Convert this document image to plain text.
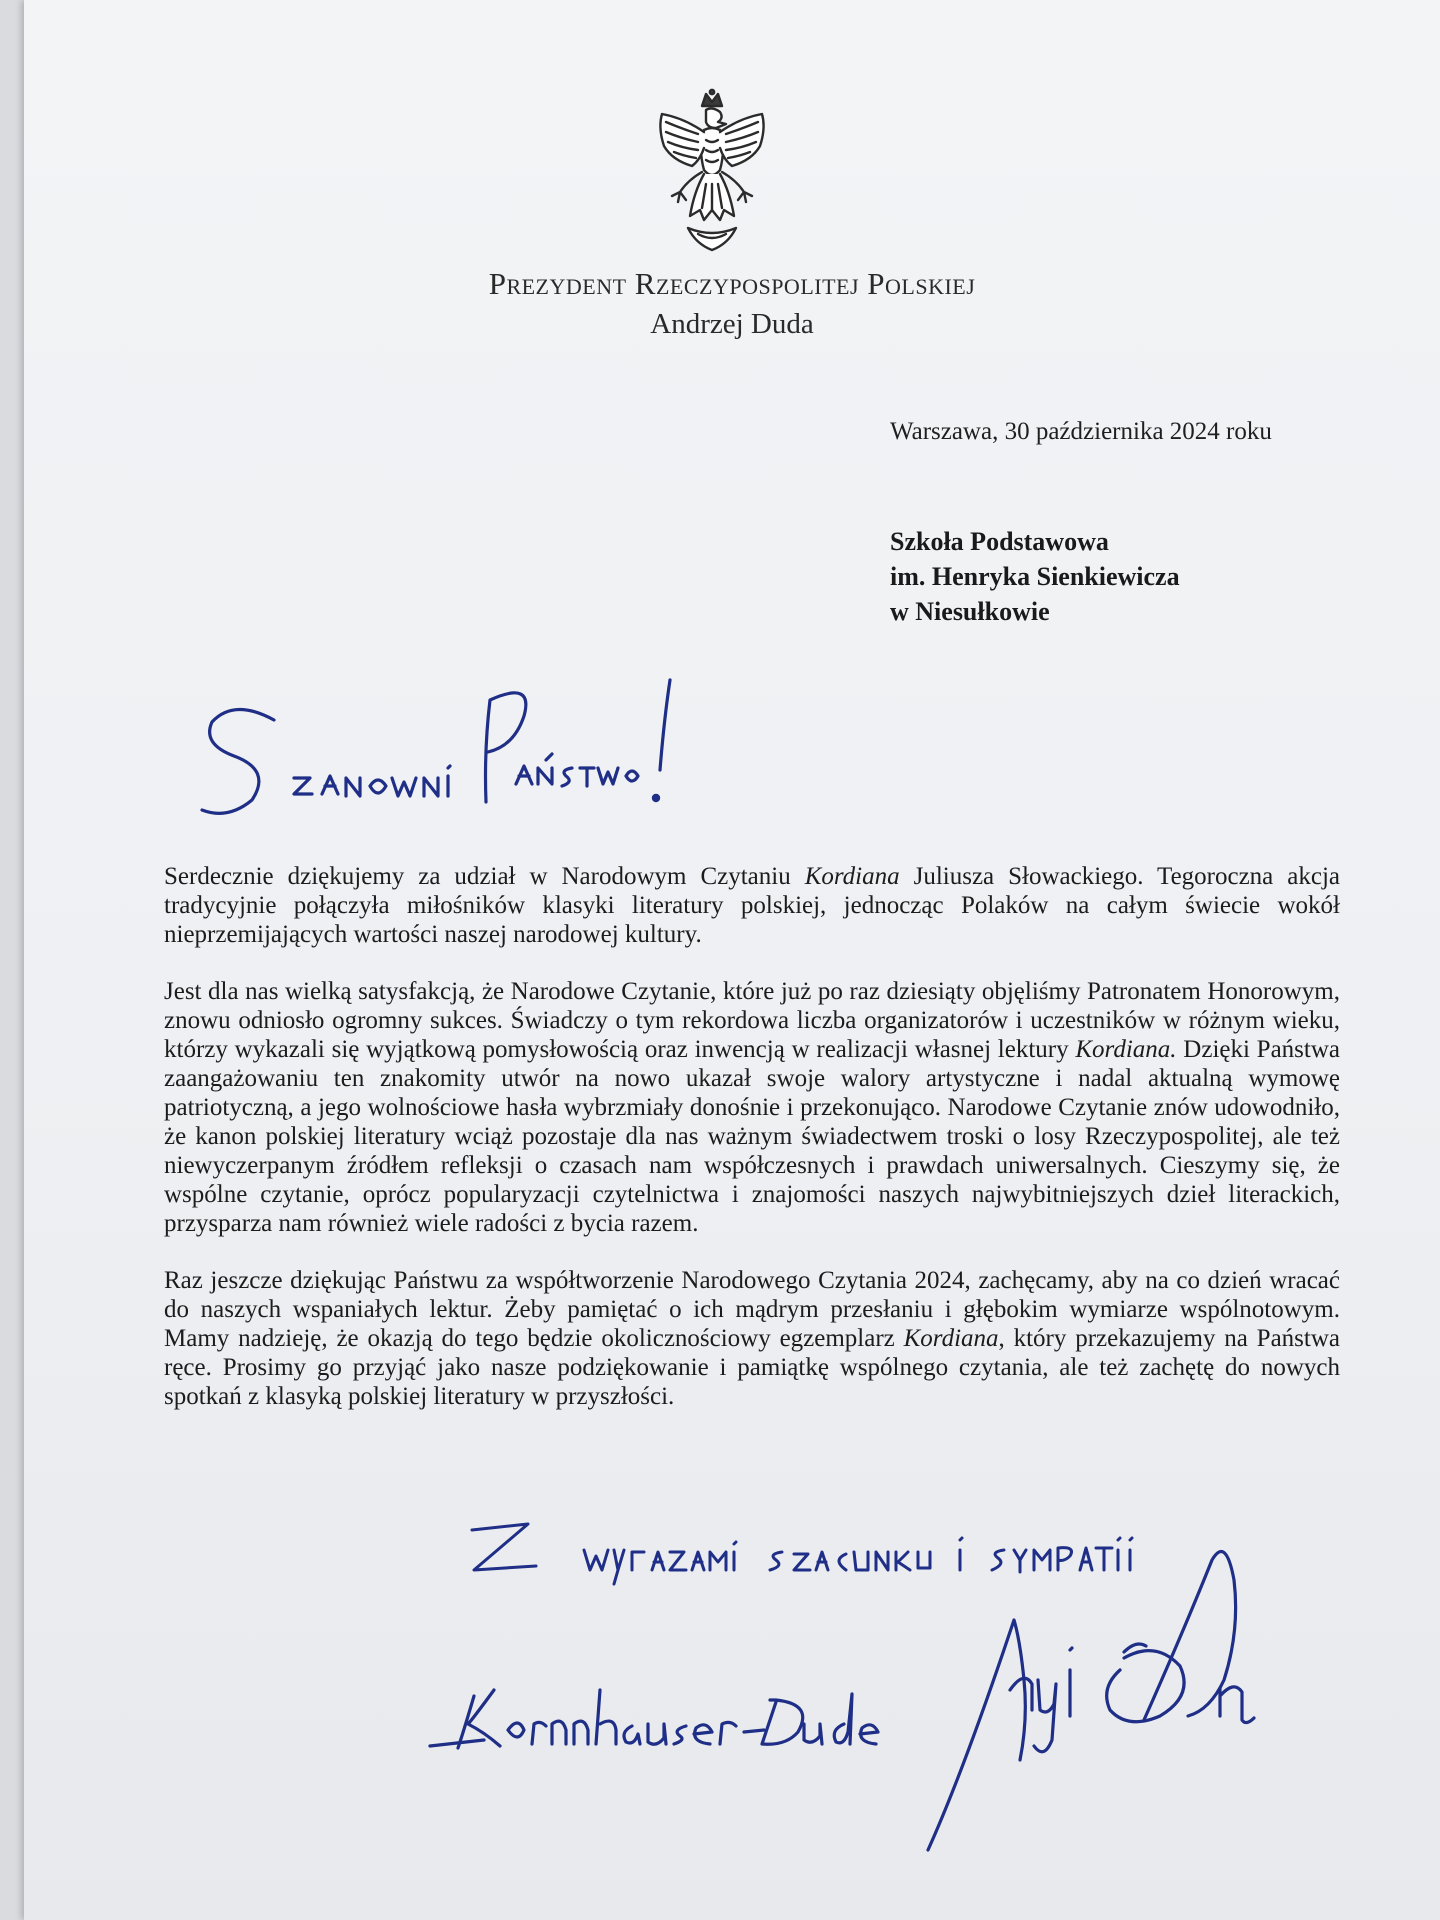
Prezydent Rzeczypospolitej Polskiej
Andrzej Duda
Warszawa, 30 października 2024 roku
Szkoła Podstawowa
im. Henryka Sienkiewicza
w Niesułkowie

Serdecznie dziękujemy za udział w Narodowym Czytaniu Kordiana Juliusza Słowackiego. Tegoroczna akcja tradycyjnie połączyła miłośników klasyki literatury polskiej, jednocząc Polaków na całym świecie wokół nieprzemijających wartości naszej narodowej kultury.

Jest dla nas wielką satysfakcją, że Narodowe Czytanie, które już po raz dziesiąty objęliśmy Patronatem Honorowym, znowu odniosło ogromny sukces. Świadczy o tym rekordowa liczba organizatorów i uczestników w różnym wieku, którzy wykazali się wyjątkową pomysłowością oraz inwencją w realizacji własnej lektury Kordiana. Dzięki Państwa zaangażowaniu ten znakomity utwór na nowo ukazał swoje walory artystyczne i nadal aktualną wymowę patriotyczną, a jego wolnościowe hasła wybrzmiały donośnie i przekonująco. Narodowe Czytanie znów udowodniło, że kanon polskiej literatury wciąż pozostaje dla nas ważnym świadectwem troski o losy Rzeczypospolitej, ale też niewyczerpanym źródłem refleksji o czasach nam współczesnych i prawdach uniwersalnych. Cieszymy się, że wspólne czytanie, oprócz popularyzacji czytelnictwa i znajomości naszych najwybitniejszych dzieł literackich, przysparza nam również wiele radości z bycia razem.

Raz jeszcze dziękując Państwu za współtworzenie Narodowego Czytania 2024, zachęcamy, aby na co dzień wracać do naszych wspaniałych lektur. Żeby pamiętać o ich mądrym przesłaniu i głębokim wymiarze wspólnotowym. Mamy nadzieję, że okazją do tego będzie okolicznościowy egzemplarz Kordiana, który przekazujemy na Państwa ręce. Prosimy go przyjąć jako nasze podziękowanie i pamiątkę wspólnego czytania, ale też zachętę do nowych spotkań z klasyką polskiej literatury w przyszłości.
